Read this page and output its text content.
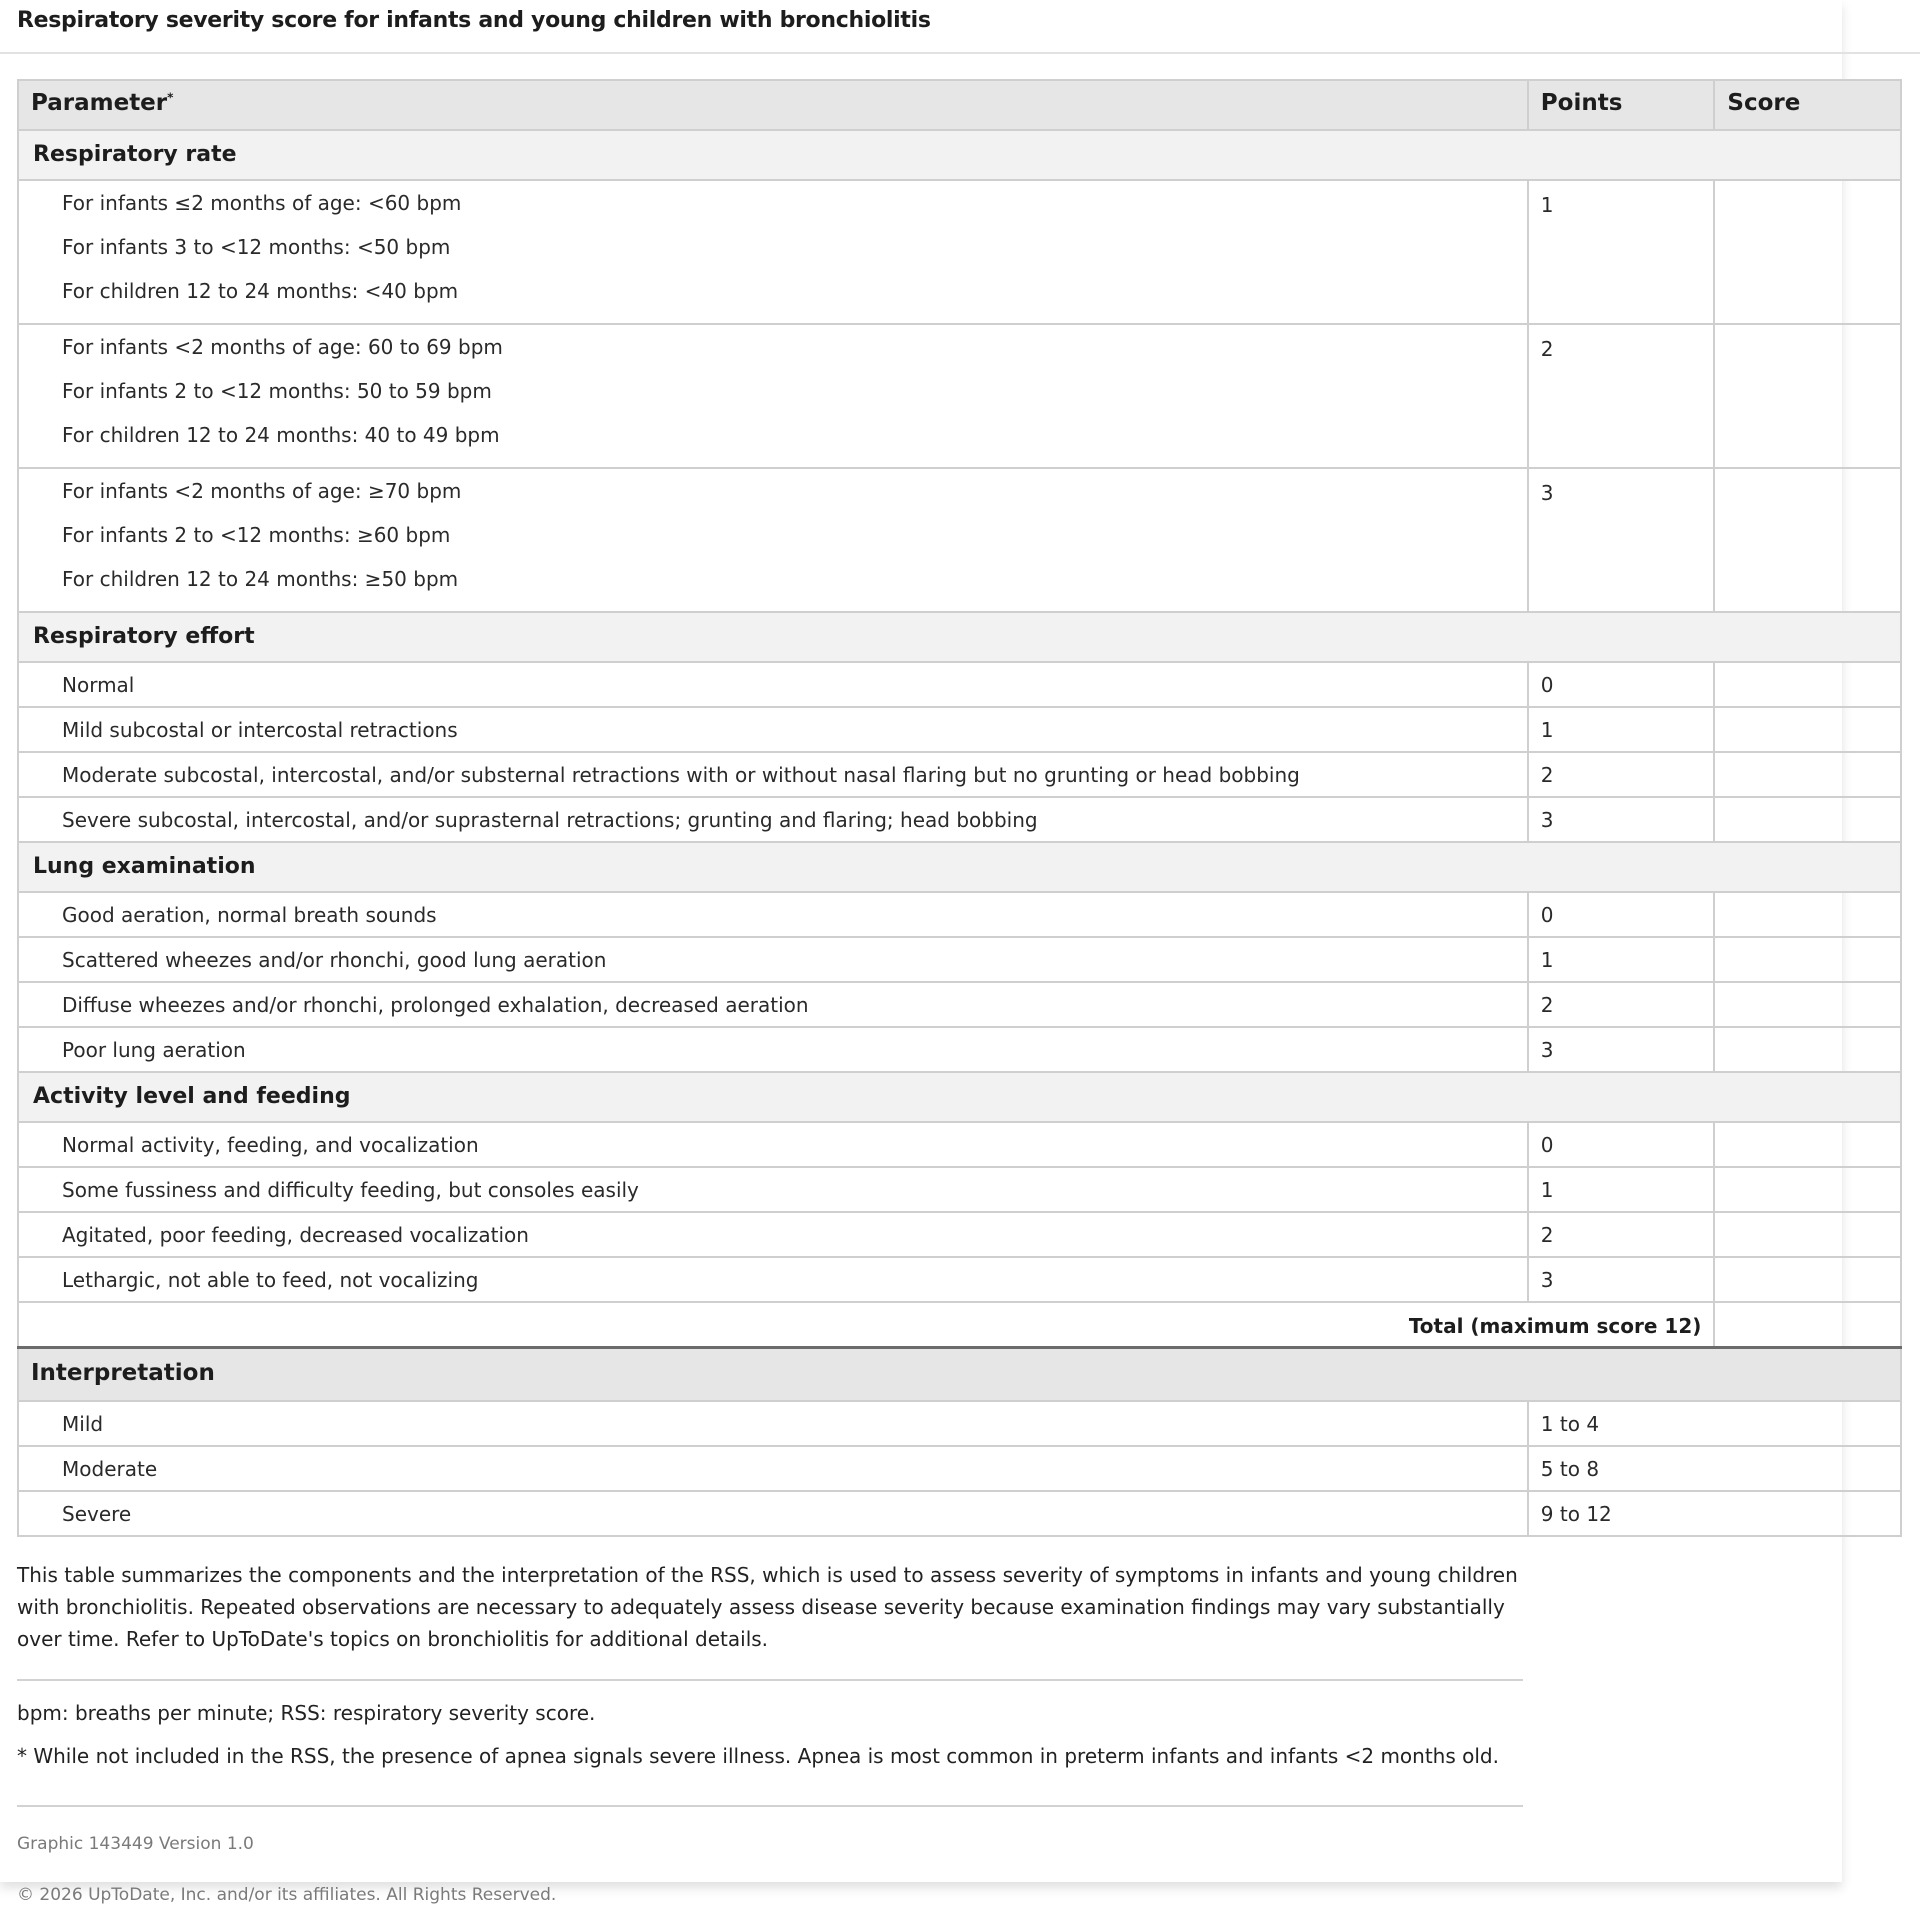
Respiratory severity score for infants and young children with bronchiolitis
Parameter*	Points	Score
Respiratory rate		

For infants ≤2 months of age: <60 bpm
For infants 3 to <12 months: <50 bpm
For children 12 to 24 months: <40 bpm	1	

For infants <2 months of age: 60 to 69 bpm
For infants 2 to <12 months: 50 to 59 bpm
For children 12 to 24 months: 40 to 49 bpm	2	

For infants <2 months of age: ≥70 bpm
For infants 2 to <12 months: ≥60 bpm
For children 12 to 24 months: ≥50 bpm	3	
Respiratory effort		
Normal	0	
Mild subcostal or intercostal retractions	1	
Moderate subcostal, intercostal, and/or substernal retractions with or without nasal flaring but no grunting or head bobbing	2	
Severe subcostal, intercostal, and/or suprasternal retractions; grunting and flaring; head bobbing	3	
Lung examination		
Good aeration, normal breath sounds	0	
Scattered wheezes and/or rhonchi, good lung aeration	1	
Diffuse wheezes and/or rhonchi, prolonged exhalation, decreased aeration	2	
Poor lung aeration	3	
Activity level and feeding		
Normal activity, feeding, and vocalization	0	
Some fussiness and difficulty feeding, but consoles easily	1	
Agitated, poor feeding, decreased vocalization	2	
Lethargic, not able to feed, not vocalizing	3	
Total (maximum score 12)		
Interpretation		
Mild	1 to 4	
Moderate	5 to 8	
Severe	9 to 12	
This table summarizes the components and the interpretation of the RSS, which is used to assess severity of symptoms in infants and young children with bronchiolitis. Repeated observations are necessary to adequately assess disease severity because examination findings may vary substantially over time. Refer to UpToDate's topics on bronchiolitis for additional details.
bpm: breaths per minute; RSS: respiratory severity score.
* While not included in the RSS, the presence of apnea signals severe illness. Apnea is most common in preterm infants and infants <2 months old.
Graphic 143449 Version 1.0
© 2026 UpToDate, Inc. and/or its affiliates. All Rights Reserved.
